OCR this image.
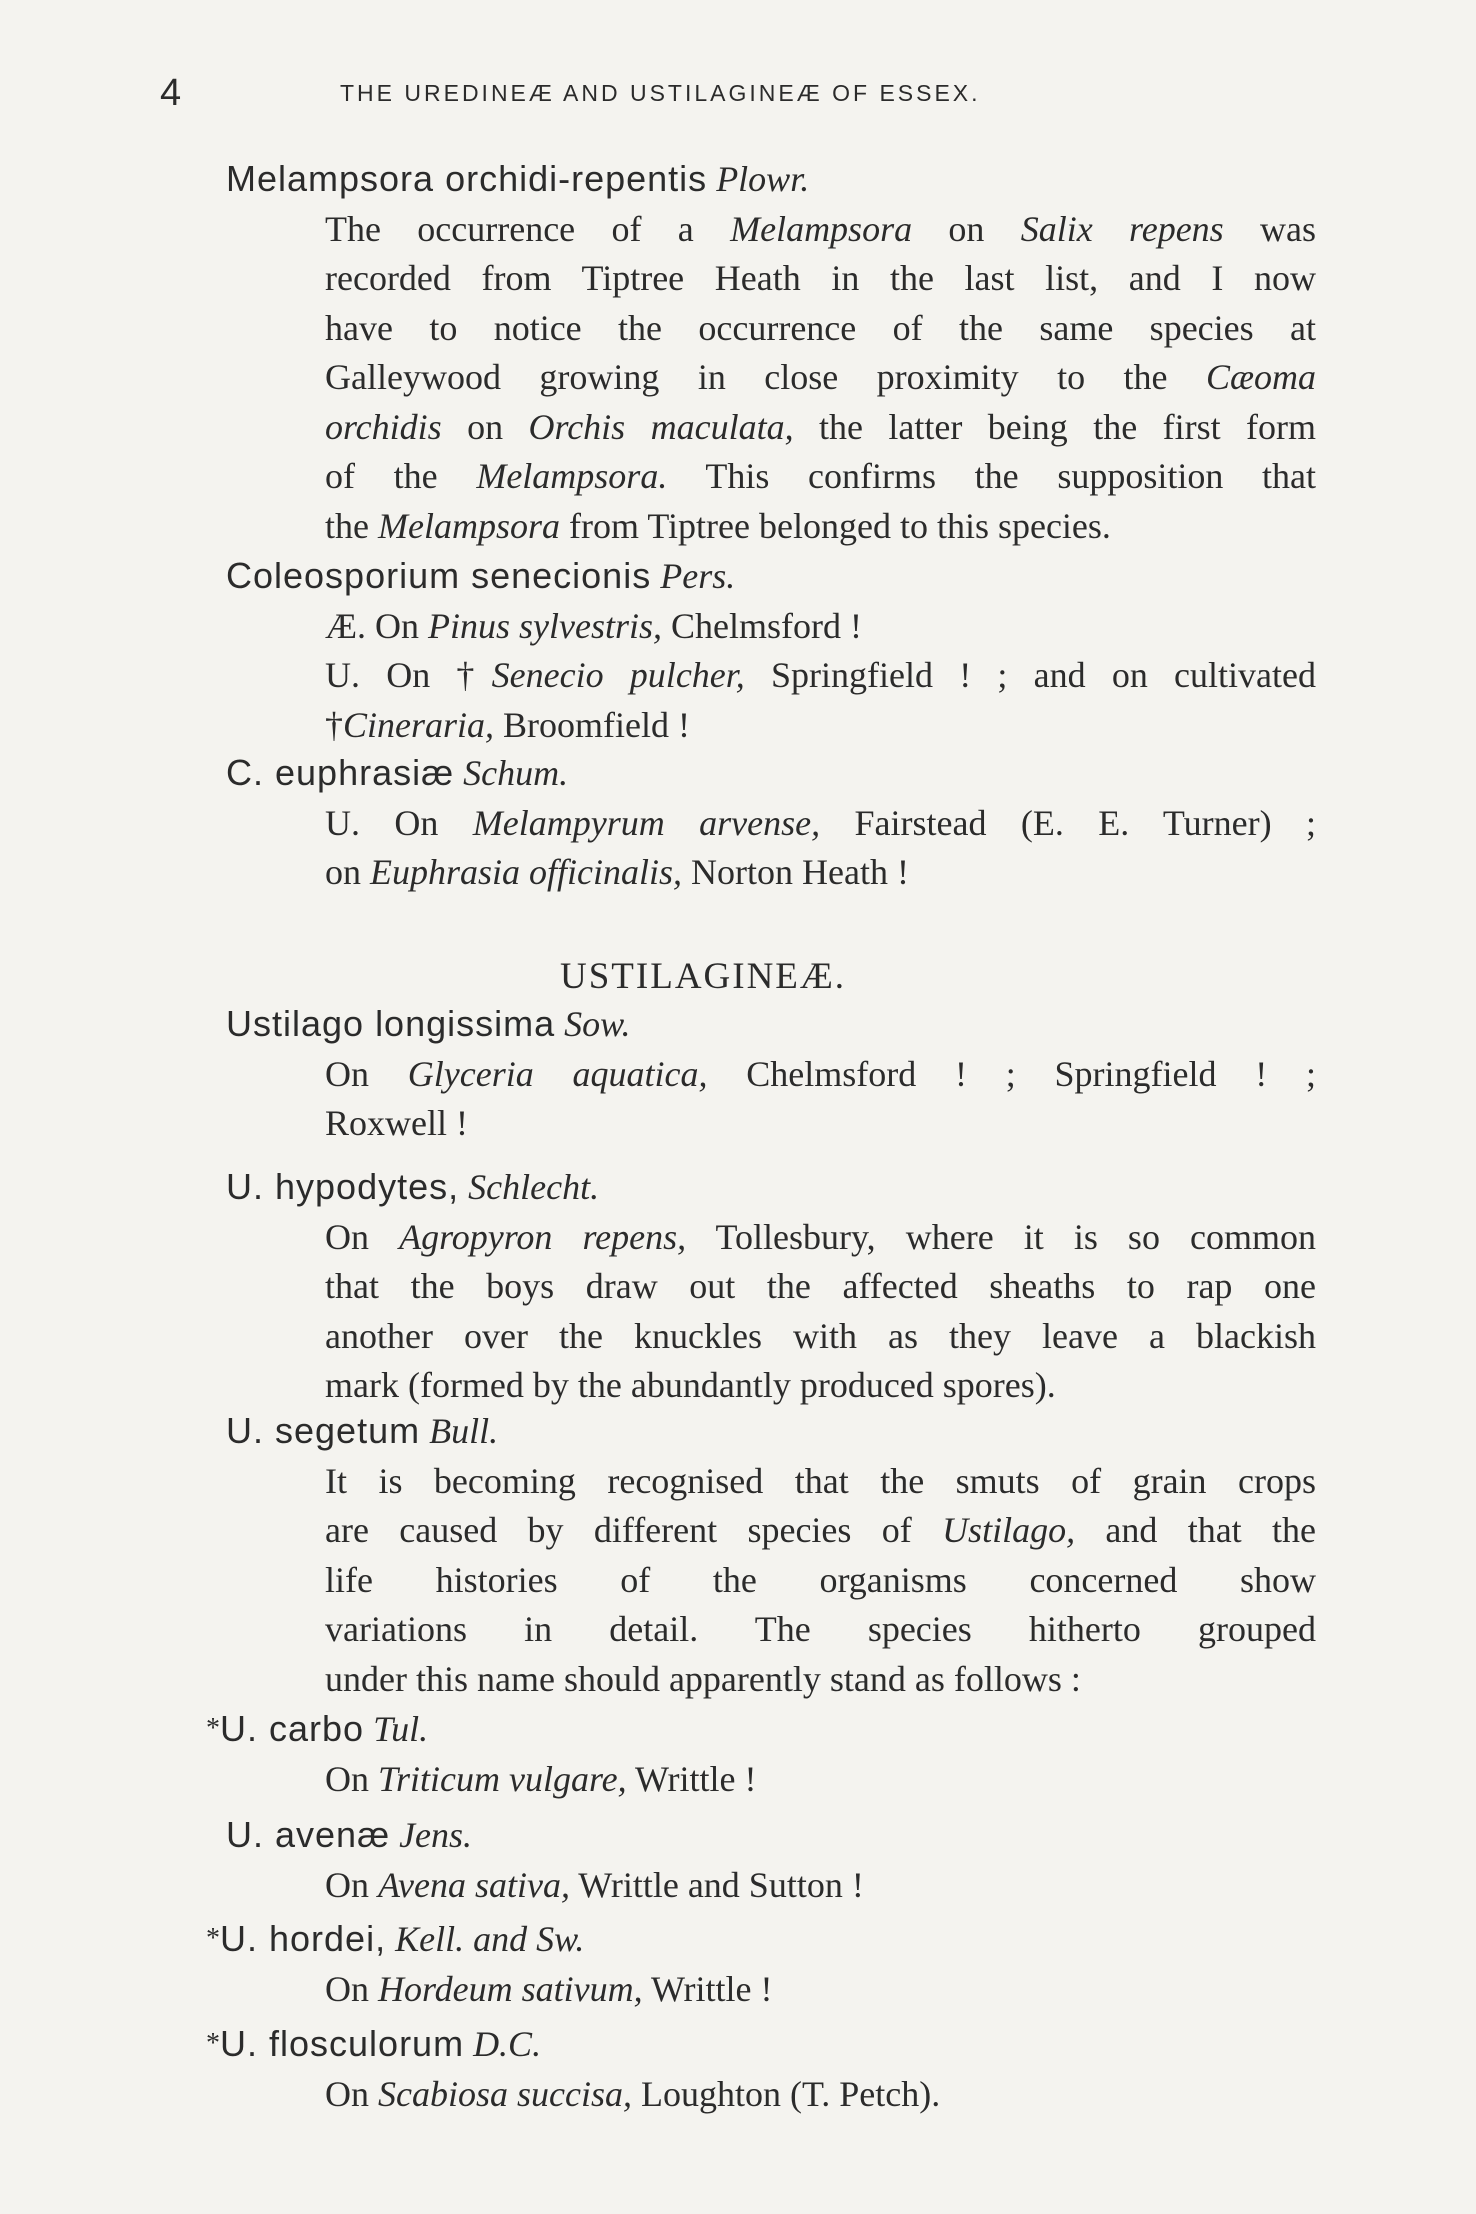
4	THE UREDINEÆ AND USTILAGINEÆ OF ESSEX.
Melampsora orchidi-repentis Plowr.
The occurrence of a Melampsora on Salix repens was
recorded from Tiptree Heath in the last list, and I now
have to notice the occurrence of the same species at
Galleywood growing in close proximity to the Cæoma
orchidis on Orchis maculata, the latter being the first form
of the Melampsora. This confirms the supposition that
the Melampsora from Tiptree belonged to this species.
Coleosporium senecionis Pers.
Æ. On Pinus sylvestris, Chelmsford !
U. On †Senecio pulcher, Springfield ! ; and on cultivated
†Cineraria, Broomfield !
C. euphrasiæ Schum.
U. On Melampyrum arvense, Fairstead (E. E. Turner) ;
on Euphrasia officinalis, Norton Heath !
Ustilago longissima Sow.
On Glyceria aquatica, Chelmsford ! ; Springfield ! ;
Roxwell !
U. hypodytes, Schlecht.
On Agropyron repens, Tollesbury, where it is so common
that the boys draw out the affected sheaths to rap one
another over the knuckles with as they leave a blackish
mark (formed by the abundantly produced spores).
U. segetum Bull.
It is becoming recognised that the smuts of grain crops
are caused by different species of Ustilago, and that the
life histories of the organisms concerned show
variations in detail. The species hitherto grouped
under this name should apparently stand as follows :
*U. carbo Tul.
On Triticum vulgare, Writtle !
U. avenæ Jens.
On Avena sativa, Writtle and Sutton !
*U. hordei, Kell. and Sw.
On Hordeum sativum, Writtle !
*U. flosculorum D.C.
On Scabiosa succisa, Loughton (T. Petch).
USTILAGINEÆ.
